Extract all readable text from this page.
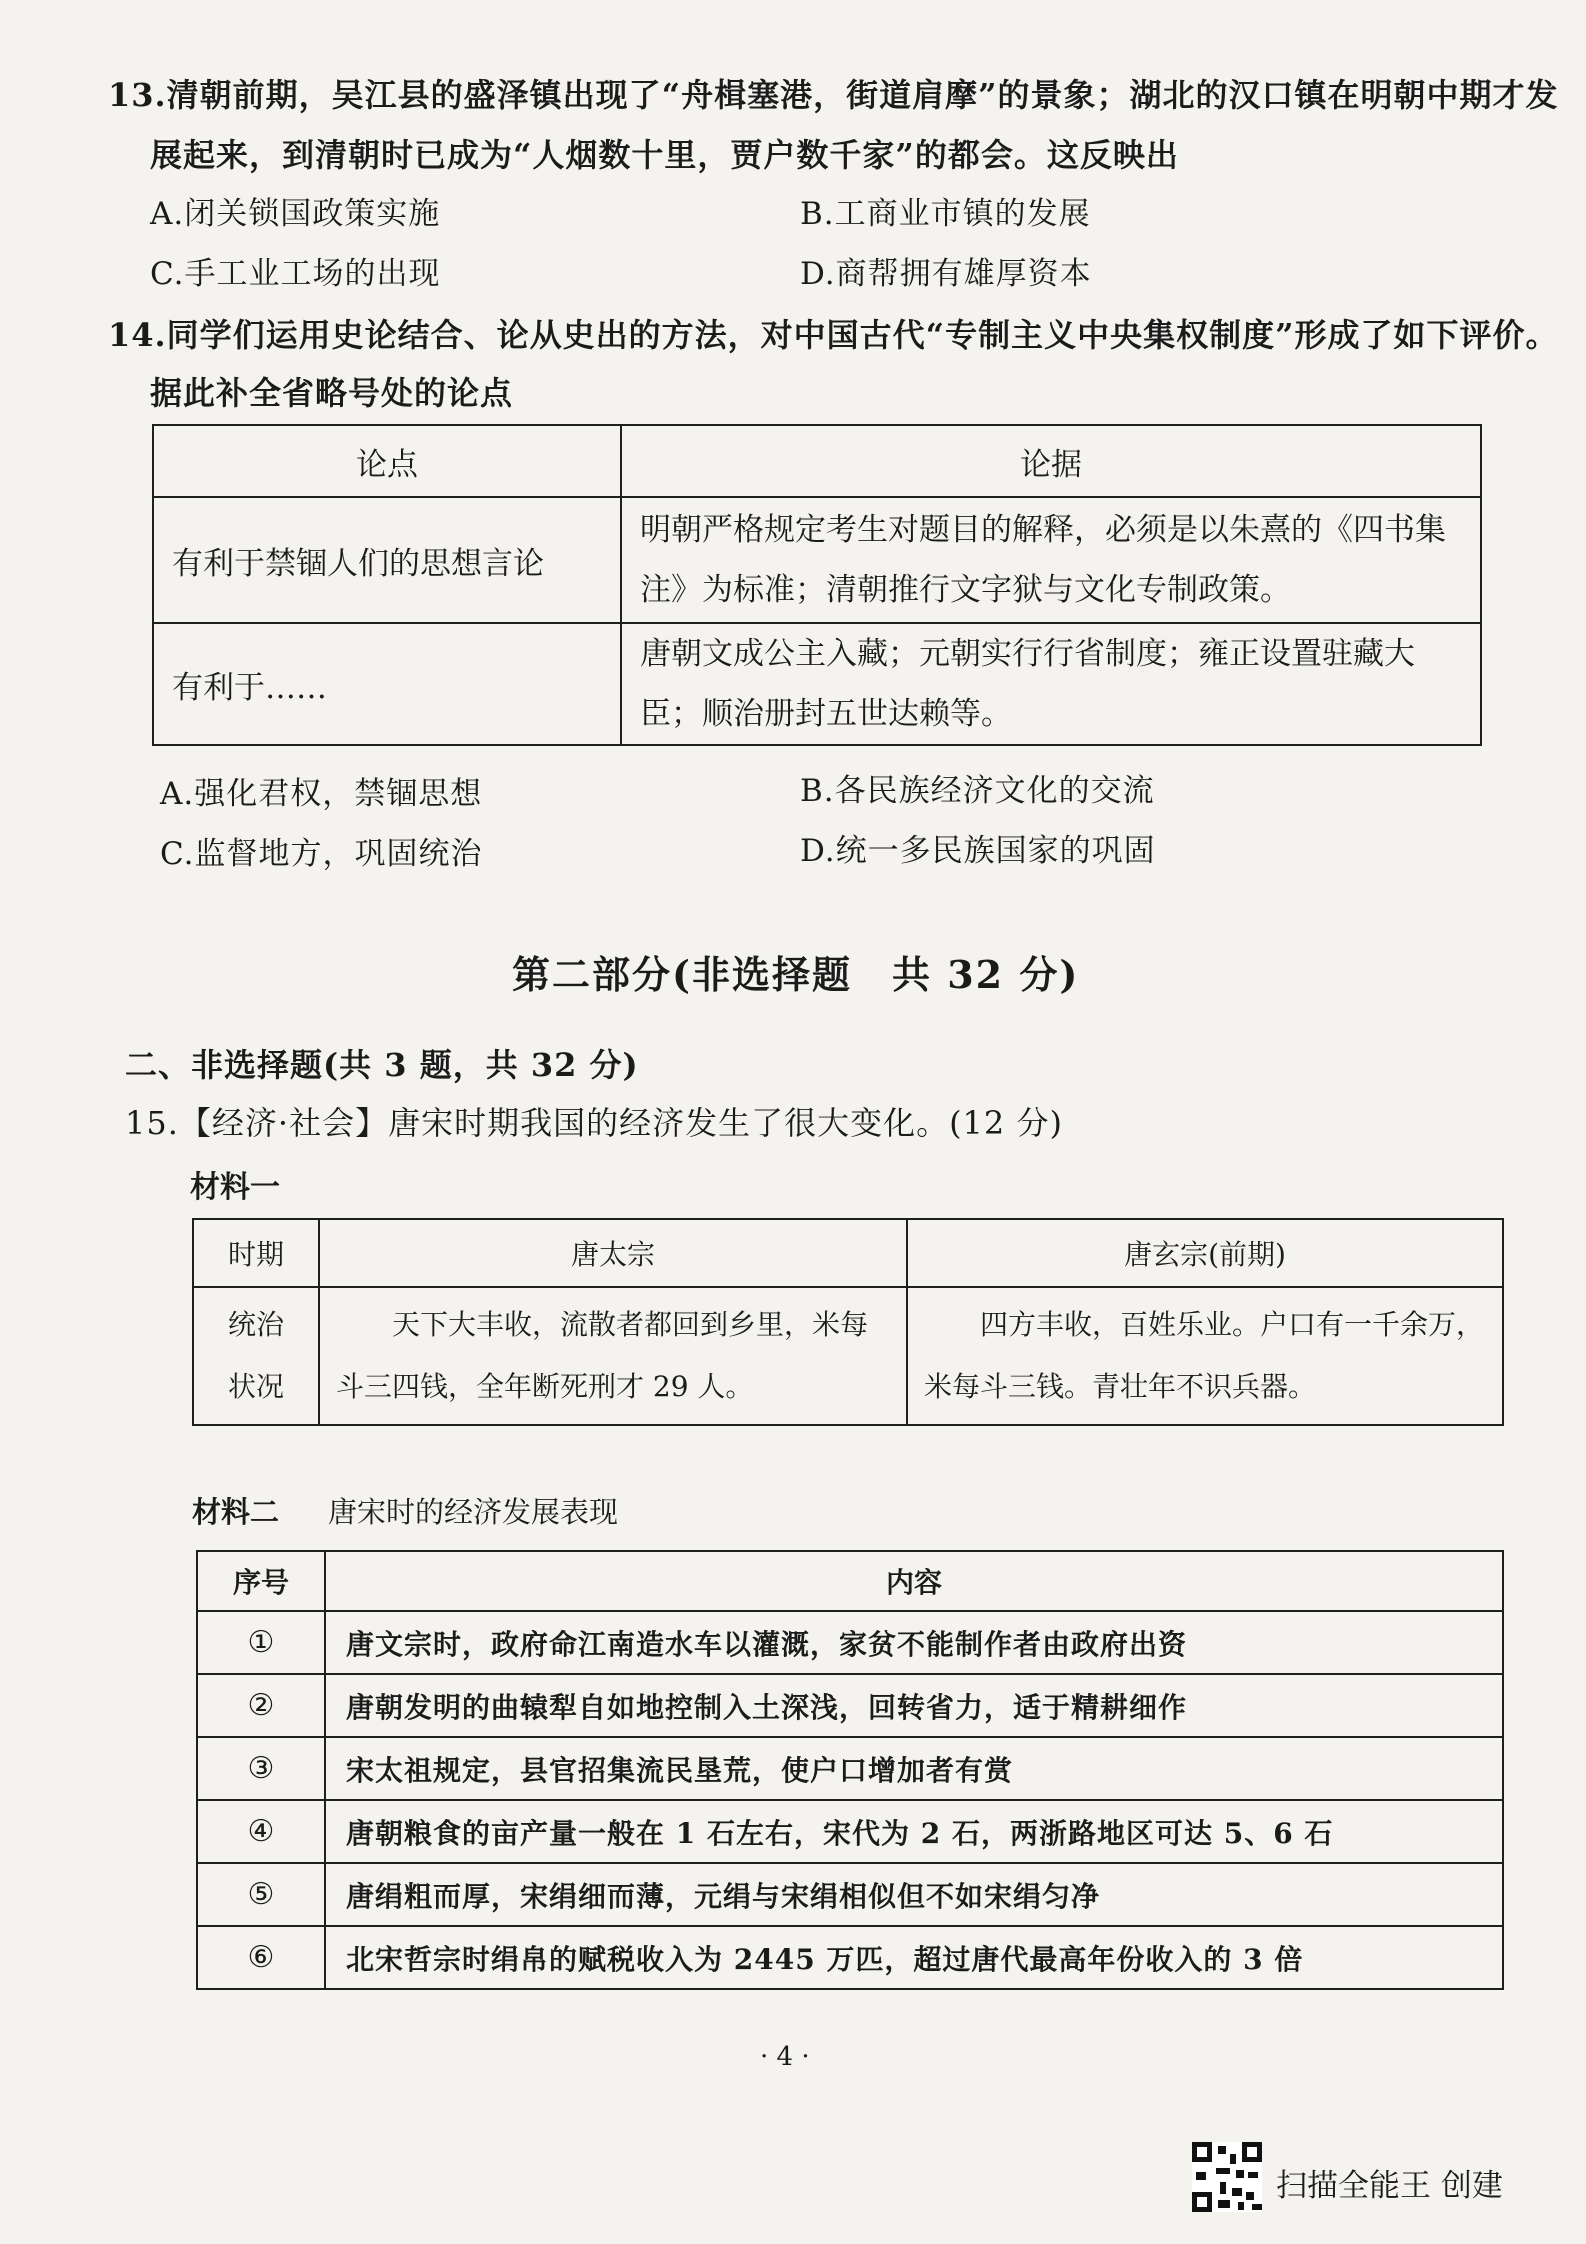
13.清朝前期，吴江县的盛泽镇出现了“舟楫塞港，街道肩摩”的景象；湖北的汉口镇在明朝中期才发
展起来，到清朝时已成为“人烟数十里，贾户数千家”的都会。这反映出
A.闭关锁国政策实施	B.工商业市镇的发展
C.手工业工场的出现	D.商帮拥有雄厚资本
14.同学们运用史论结合、论从史出的方法，对中国古代“专制主义中央集权制度”形成了如下评价。
据此补全省略号处的论点
论点	论据
有利于禁锢人们的思想言论	明朝严格规定考生对题目的解释，必须是以朱熹的《四书集注》为标准；清朝推行文字狱与文化专制政策。
有利于……	唐朝文成公主入藏；元朝实行行省制度；雍正设置驻藏大臣；顺治册封五世达赖等。
A.强化君权，禁锢思想	B.各民族经济文化的交流
C.监督地方，巩固统治	D.统一多民族国家的巩固
第二部分(非选择题　共 32 分)
二、非选择题(共 3 题，共 32 分)
15.【经济·社会】唐宋时期我国的经济发生了很大变化。(12 分)
材料一
时期	唐太宗	唐玄宗(前期)

统治
状况	　　天下大丰收，流散者都回到乡里，米每斗三四钱，全年断死刑才 29 人。	　　四方丰收，百姓乐业。户口有一千余万，米每斗三钱。青壮年不识兵器。
材料二 唐宋时的经济发展表现
序号	内容
①	唐文宗时，政府命江南造水车以灌溉，家贫不能制作者由政府出资
②	唐朝发明的曲辕犁自如地控制入土深浅，回转省力，适于精耕细作
③	宋太祖规定，县官招集流民垦荒，使户口增加者有赏
④	唐朝粮食的亩产量一般在 1 石左右，宋代为 2 石，两浙路地区可达 5、6 石
⑤	唐绢粗而厚，宋绢细而薄，元绢与宋绢相似但不如宋绢匀净
⑥	北宋哲宗时绢帛的赋税收入为 2445 万匹，超过唐代最高年份收入的 3 倍
· 4 ·
扫描全能王 创建
